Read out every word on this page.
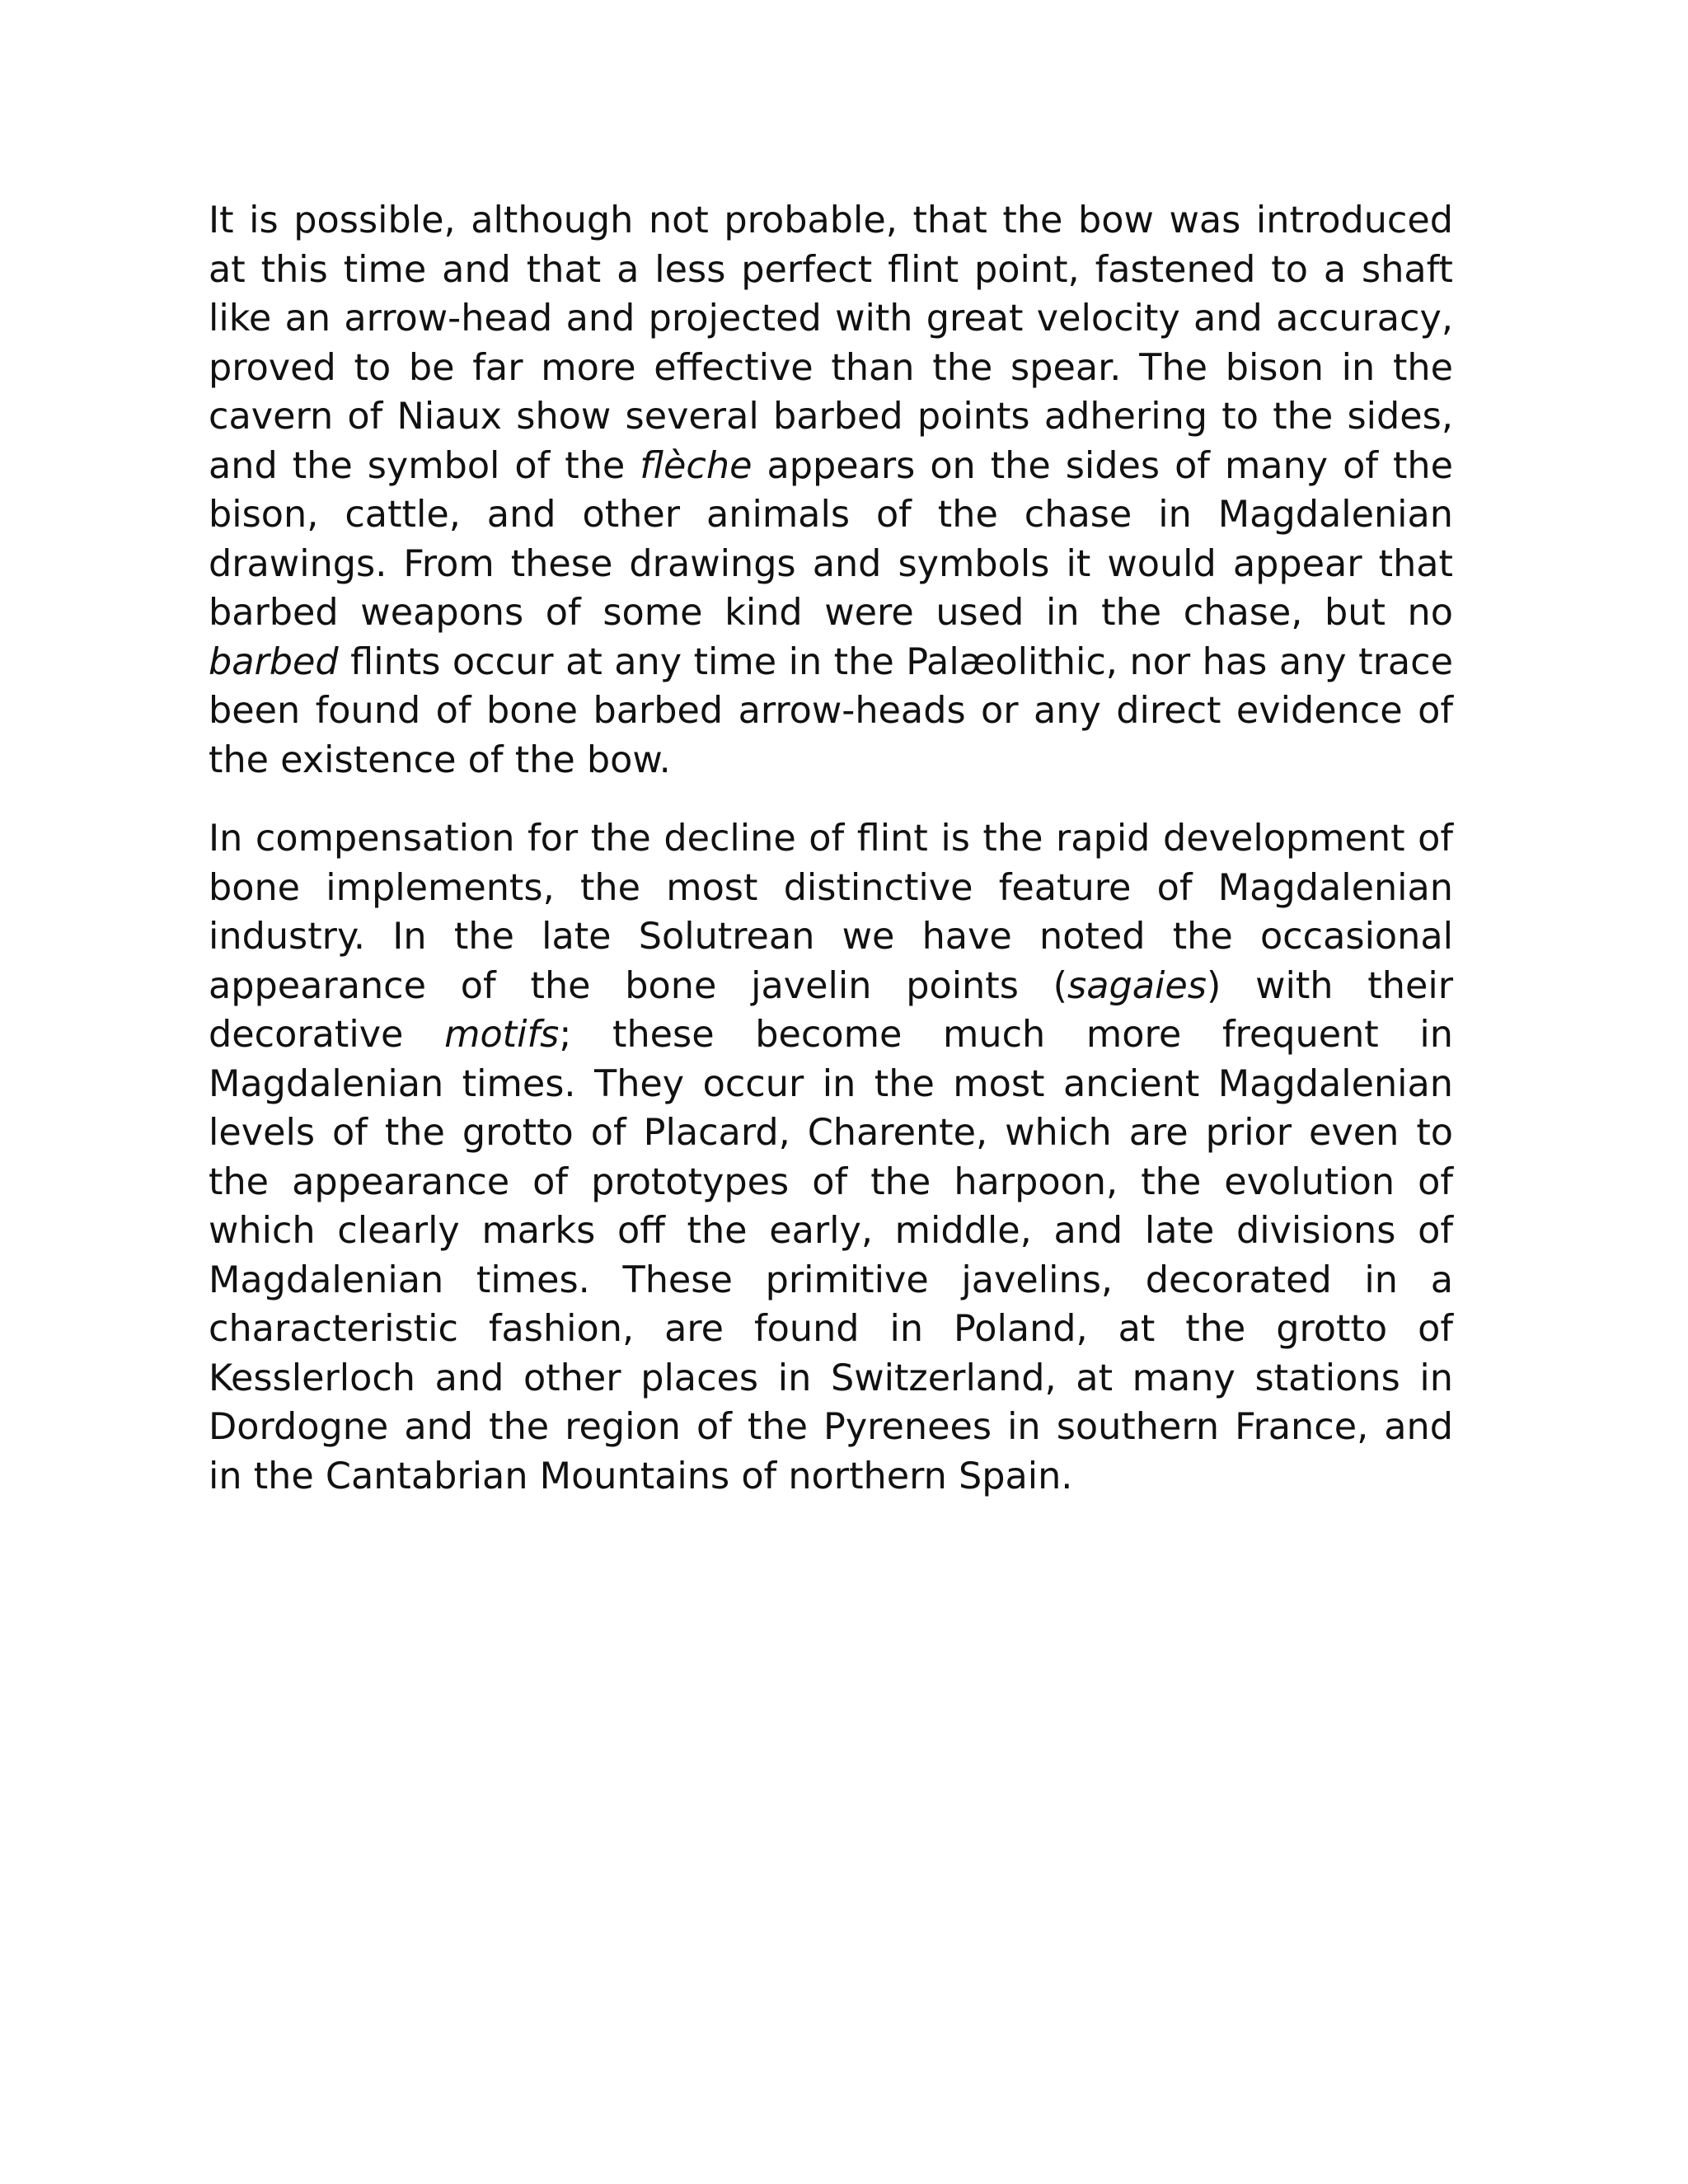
It is possible, although not probable, that the bow was introduced at this time and that a less perfect flint point, fastened to a shaft like an arrow-head and projected with great velocity and accuracy, proved to be far more effective than the spear. The bison in the cavern of Niaux show several barbed points adhering to the sides, and the symbol of the flèche appears on the sides of many of the bison, cattle, and other animals of the chase in Magdalenian drawings. From these drawings and symbols it would appear that barbed weapons of some kind were used in the chase, but no barbed flints occur at any time in the Palæolithic, nor has any trace been found of bone barbed arrow-heads or any direct evidence of the existence of the bow.

In compensation for the decline of flint is the rapid development of bone implements, the most distinctive feature of Magdalenian industry. In the late Solutrean we have noted the occasional appearance of the bone javelin points (sagaies) with their decorative motifs; these become much more frequent in Magdalenian times. They occur in the most ancient Magdalenian levels of the grotto of Placard, Charente, which are prior even to the appearance of prototypes of the harpoon, the evolution of which clearly marks off the early, middle, and late divisions of Magdalenian times. These primitive javelins, decorated in a characteristic fashion, are found in Poland, at the grotto of Kesslerloch and other places in Switzerland, at many stations in Dordogne and the region of the Pyrenees in southern France, and in the Cantabrian Mountains of northern Spain.
